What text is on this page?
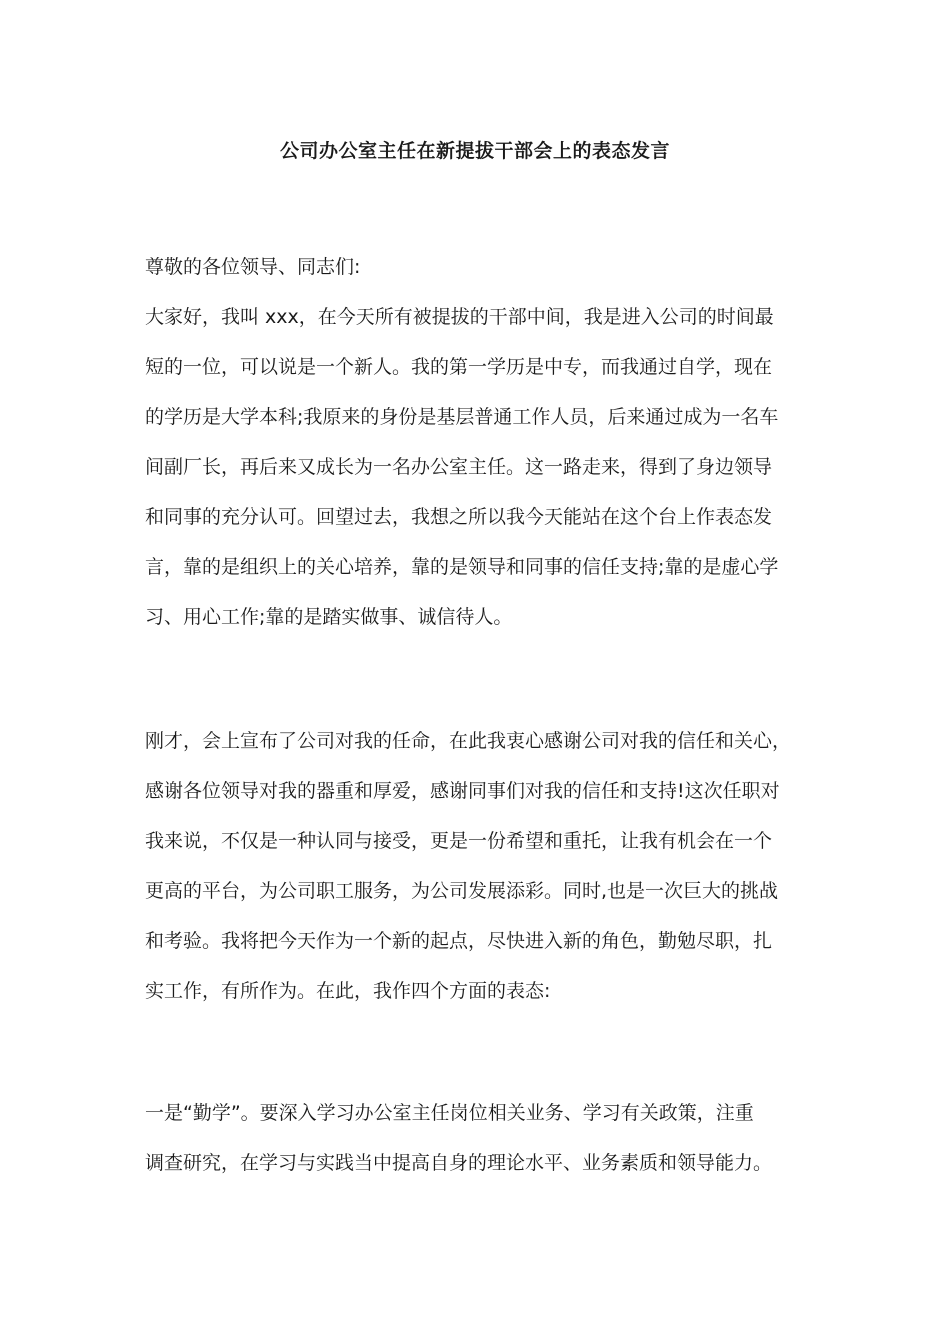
公司办公室主任在新提拔干部会上的表态发言
尊敬的各位领导、同志们:
大家好，我叫 xxx，在今天所有被提拔的干部中间，我是进入公司的时间最
短的一位，可以说是一个新人。我的第一学历是中专，而我通过自学，现在
的学历是大学本科;我原来的身份是基层普通工作人员，后来通过成为一名车
间副厂长，再后来又成长为一名办公室主任。这一路走来，得到了身边领导
和同事的充分认可。回望过去，我想之所以我今天能站在这个台上作表态发
言，靠的是组织上的关心培养，靠的是领导和同事的信任支持;靠的是虚心学
习、用心工作;靠的是踏实做事、诚信待人。
刚才，会上宣布了公司对我的任命，在此我衷心感谢公司对我的信任和关心，
感谢各位领导对我的器重和厚爱，感谢同事们对我的信任和支持!这次任职对
我来说，不仅是一种认同与接受，更是一份希望和重托，让我有机会在一个
更高的平台，为公司职工服务，为公司发展添彩。同时,也是一次巨大的挑战
和考验。我将把今天作为一个新的起点，尽快进入新的角色，勤勉尽职，扎
实工作，有所作为。在此，我作四个方面的表态:
一是“勤学”。要深入学习办公室主任岗位相关业务、学习有关政策，注重
调查研究，在学习与实践当中提高自身的理论水平、业务素质和领导能力。
